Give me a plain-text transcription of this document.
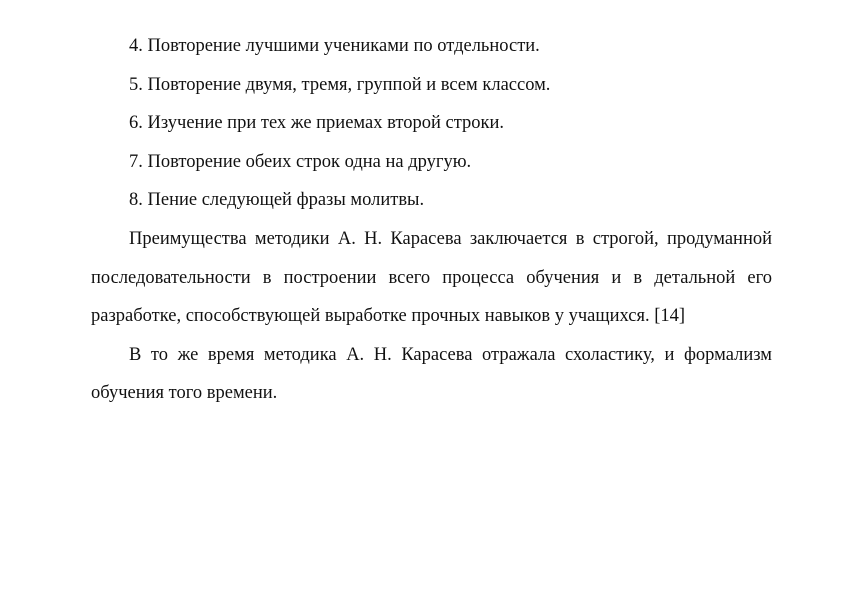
4. Повторение лучшими учениками по отдельности.

5. Повторение двумя, тремя, группой и всем классом.

6. Изучение при тех же приемах второй строки.

7. Повторение обеих строк одна на другую.

8. Пение следующей фразы молитвы.

Преимущества методики А. Н. Карасева заключается в строгой, продуманной последовательности в построении всего процесса обучения и в детальной его разработке, способствующей выработке прочных навыков у учащихся. [14]

В то же время методика А. Н. Карасева отражала схоластику, и формализм обучения того времени.
